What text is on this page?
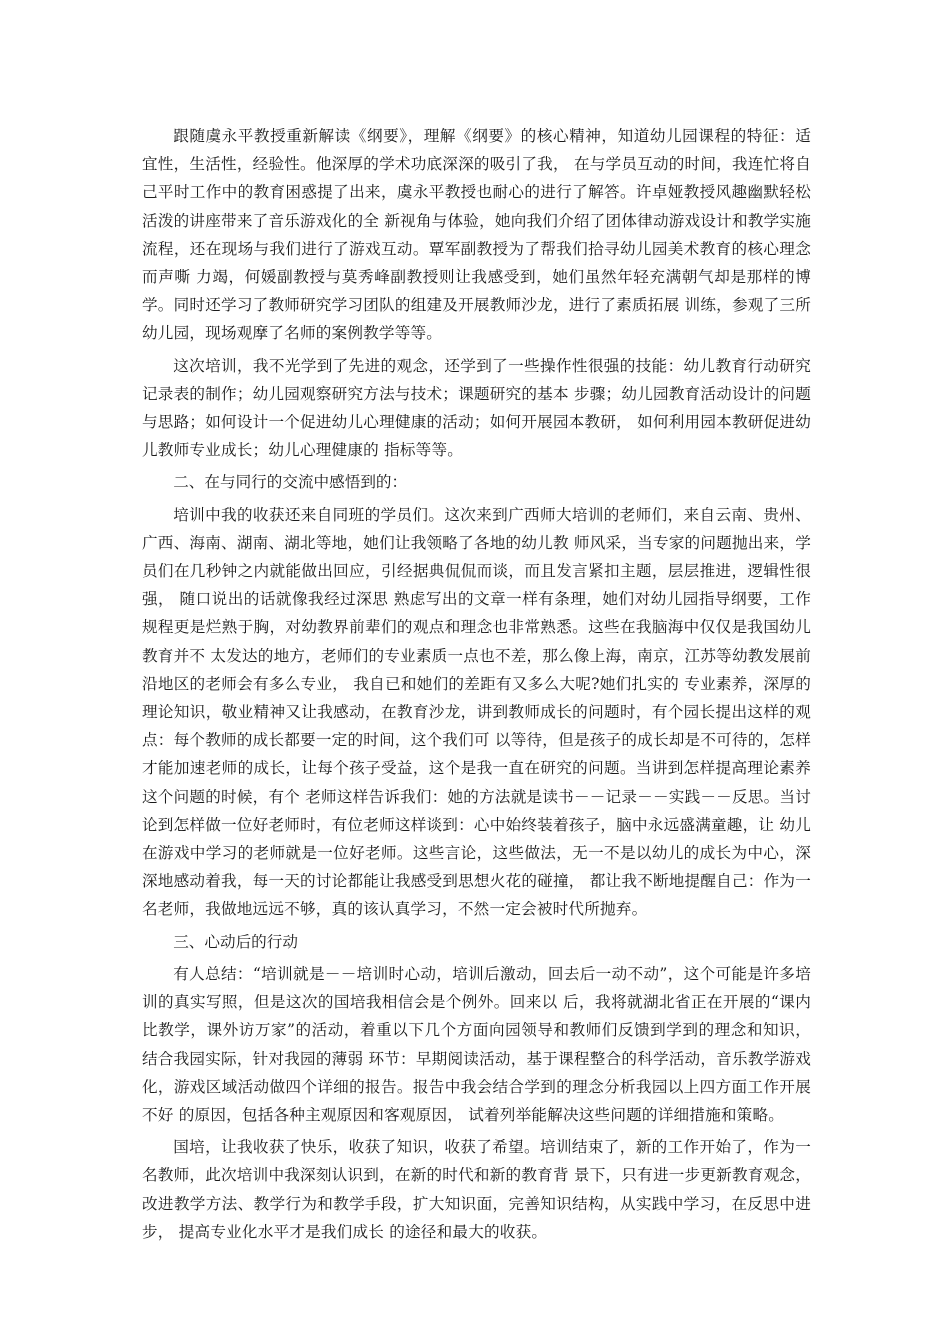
跟随虞永平教授重新解读《纲要》，理解《纲要》的核心精神，知道幼儿园课程的特征：适宜性，生活性，经验性。他深厚的学术功底深深的吸引了我， 在与学员互动的时间，我连忙将自己平时工作中的教育困惑提了出来，虞永平教授也耐心的进行了解答。许卓娅教授风趣幽默轻松活泼的讲座带来了音乐游戏化的全 新视角与体验，她向我们介绍了团体律动游戏设计和教学实施流程，还在现场与我们进行了游戏互动。覃军副教授为了帮我们拾寻幼儿园美术教育的核心理念而声嘶 力竭，何媛副教授与莫秀峰副教授则让我感受到，她们虽然年轻充满朝气却是那样的博学。同时还学习了教师研究学习团队的组建及开展教师沙龙，进行了素质拓展 训练，参观了三所幼儿园，现场观摩了名师的案例教学等等。

这次培训，我不光学到了先进的观念，还学到了一些操作性很强的技能：幼儿教育行动研究记录表的制作；幼儿园观察研究方法与技术；课题研究的基本 步骤；幼儿园教育活动设计的问题与思路；如何设计一个促进幼儿心理健康的活动；如何开展园本教研， 如何利用园本教研促进幼儿教师专业成长；幼儿心理健康的 指标等等。

二、在与同行的交流中感悟到的：

培训中我的收获还来自同班的学员们。这次来到广西师大培训的老师们，来自云南、贵州、广西、海南、湖南、湖北等地，她们让我领略了各地的幼儿教 师风采，当专家的问题抛出来，学员们在几秒钟之内就能做出回应，引经据典侃侃而谈，而且发言紧扣主题，层层推进，逻辑性很强， 随口说出的话就像我经过深思 熟虑写出的文章一样有条理，她们对幼儿园指导纲要，工作规程更是烂熟于胸，对幼教界前辈们的观点和理念也非常熟悉。这些在我脑海中仅仅是我国幼儿教育并不 太发达的地方，老师们的专业素质一点也不差，那么像上海，南京，江苏等幼教发展前沿地区的老师会有多么专业， 我自已和她们的差距有又多么大呢?她们扎实的 专业素养，深厚的理论知识，敬业精神又让我感动，在教育沙龙，讲到教师成长的问题时，有个园长提出这样的观点：每个教师的成长都要一定的时间，这个我们可 以等待，但是孩子的成长却是不可待的，怎样才能加速老师的成长，让每个孩子受益，这个是我一直在研究的问题。当讲到怎样提高理论素养这个问题的时候，有个 老师这样告诉我们：她的方法就是读书－－记录－－实践－－反思。当讨论到怎样做一位好老师时，有位老师这样谈到：心中始终装着孩子，脑中永远盛满童趣，让 幼儿在游戏中学习的老师就是一位好老师。这些言论，这些做法，无一不是以幼儿的成长为中心，深深地感动着我，每一天的讨论都能让我感受到思想火花的碰撞， 都让我不断地提醒自己：作为一名老师，我做地远远不够，真的该认真学习，不然一定会被时代所抛弃。

三、心动后的行动

有人总结：“培训就是－－培训时心动，培训后激动，回去后一动不动”，这个可能是许多培训的真实写照，但是这次的国培我相信会是个例外。回来以 后，我将就湖北省正在开展的“课内比教学，课外访万家”的活动，着重以下几个方面向园领导和教师们反馈到学到的理念和知识，结合我园实际，针对我园的薄弱 环节：早期阅读活动，基于课程整合的科学活动，音乐教学游戏化，游戏区域活动做四个详细的报告。报告中我会结合学到的理念分析我园以上四方面工作开展不好 的原因，包括各种主观原因和客观原因， 试着列举能解决这些问题的详细措施和策略。

国培，让我收获了快乐，收获了知识，收获了希望。培训结束了，新的工作开始了，作为一名教师，此次培训中我深刻认识到，在新的时代和新的教育背 景下，只有进一步更新教育观念，改进教学方法、教学行为和教学手段，扩大知识面，完善知识结构，从实践中学习，在反思中进步， 提高专业化水平才是我们成长 的途径和最大的收获。
